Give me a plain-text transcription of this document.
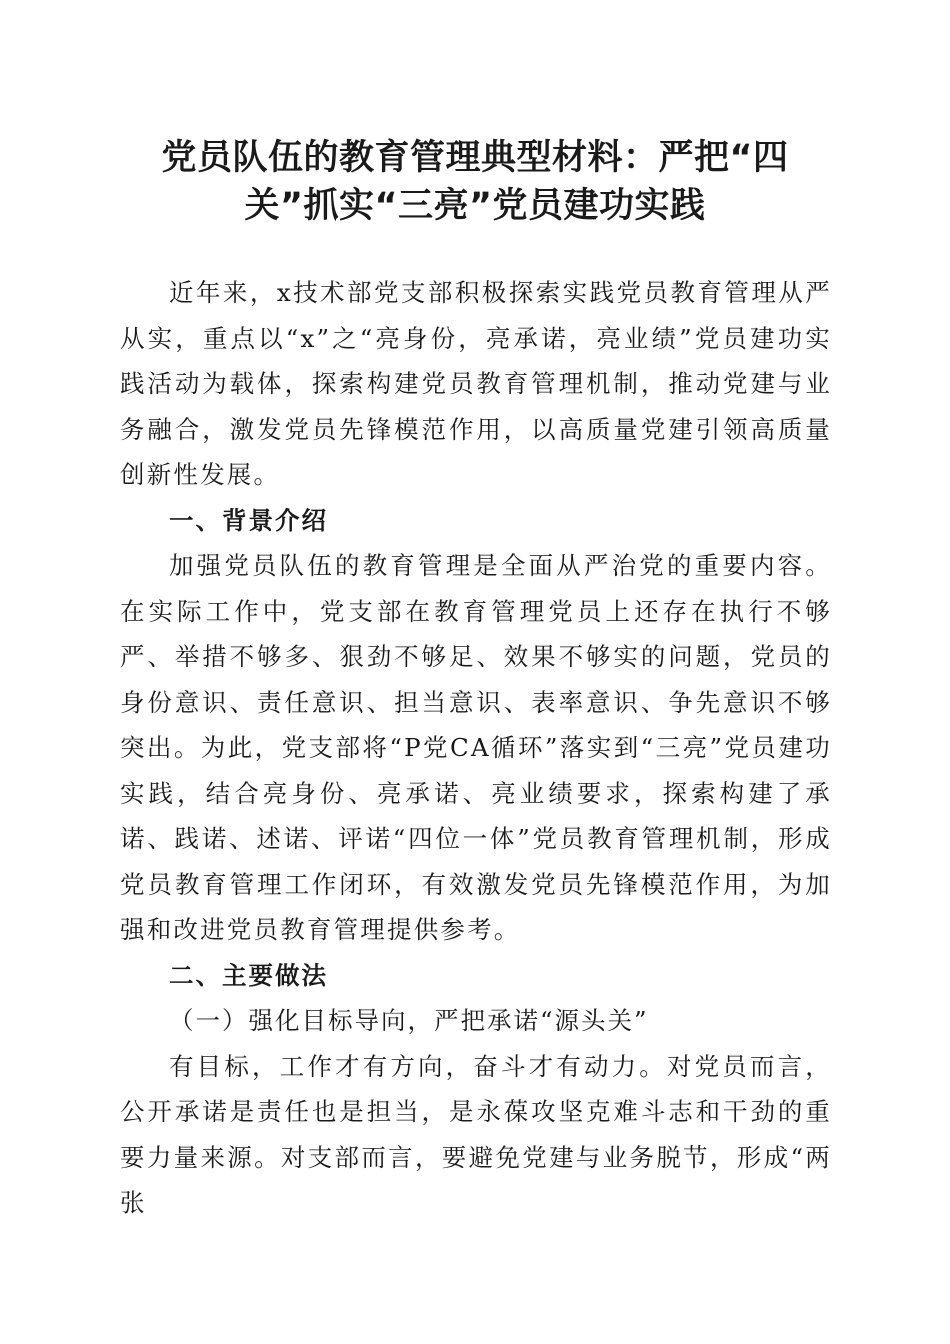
党员队伍的教育管理典型材料：严把“四
关”抓实“三亮”党员建功实践

近年来，x技术部党支部积极探索实践党员教育管理从严从实，重点以“x”之“亮身份，亮承诺，亮业绩”党员建功实践活动为载体，探索构建党员教育管理机制，推动党建与业务融合，激发党员先锋模范作用，以高质量党建引领高质量创新性发展。

一、背景介绍

加强党员队伍的教育管理是全面从严治党的重要内容。在实际工作中，党支部在教育管理党员上还存在执行不够严、举措不够多、狠劲不够足、效果不够实的问题，党员的身份意识、责任意识、担当意识、表率意识、争先意识不够突出。为此，党支部将“P党CA循环”落实到“三亮”党员建功实践，结合亮身份、亮承诺、亮业绩要求，探索构建了承诺、践诺、述诺、评诺“四位一体”党员教育管理机制，形成党员教育管理工作闭环，有效激发党员先锋模范作用，为加强和改进党员教育管理提供参考。

二、主要做法
（一）强化目标导向，严把承诺“源头关”

有目标，工作才有方向，奋斗才有动力。对党员而言，公开承诺是责任也是担当，是永葆攻坚克难斗志和干劲的重要力量来源。对支部而言，要避免党建与业务脱节，形成“两张
